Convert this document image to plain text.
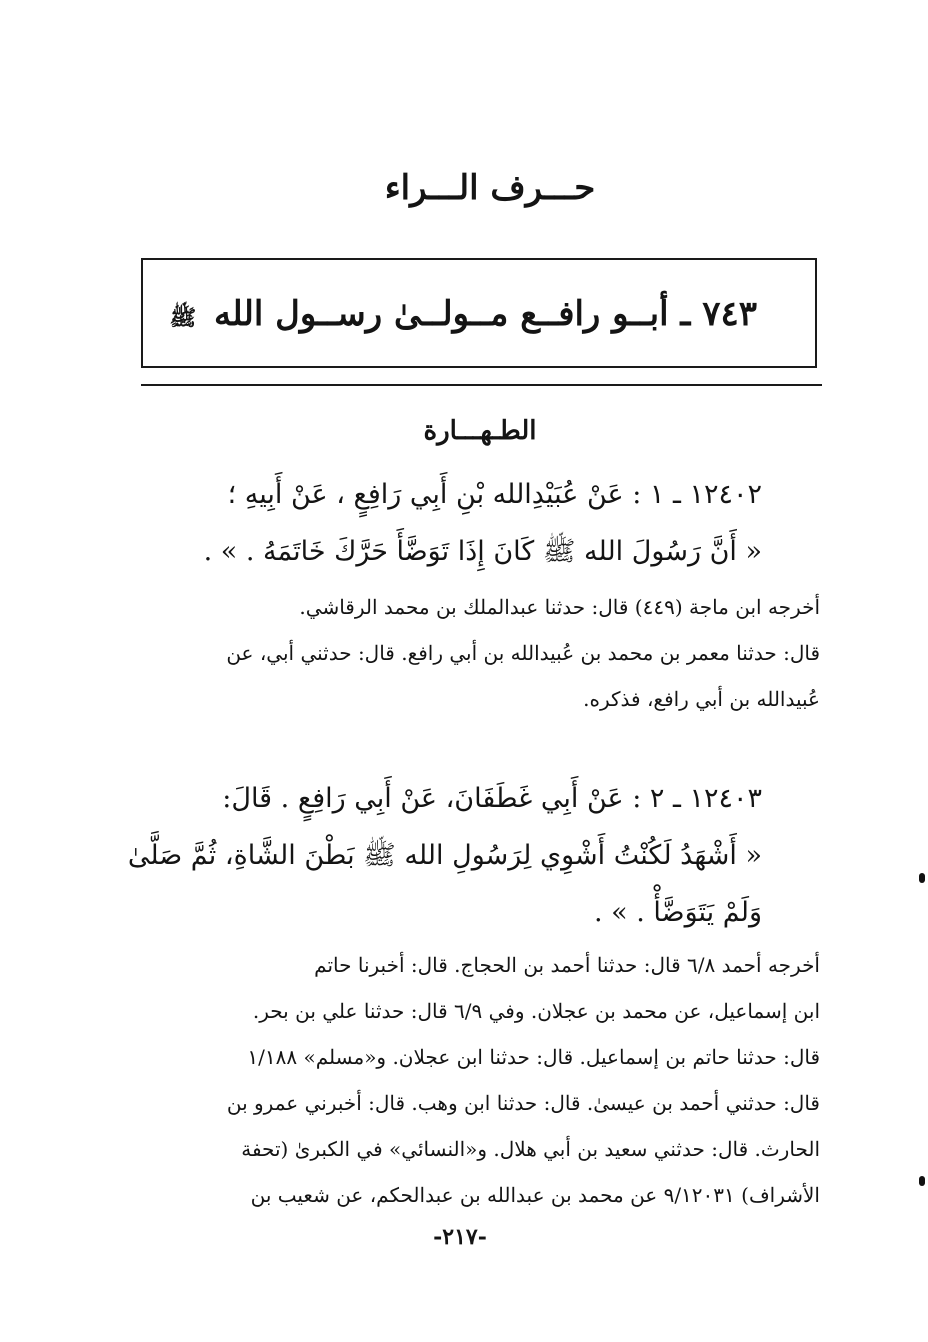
حـــرف الـــراء
٧٤٣ ـ أبــو رافــع مــولــىٰ رســول الله ﷺ
الطـهـــارة
١٢٤٠٢ ـ ١ : عَنْ عُبَيْدِالله بْنِ أَبِي رَافِعٍ ، عَنْ أَبِيهِ ؛
« أَنَّ رَسُولَ الله ﷺ كَانَ إِذَا تَوَضَّأَ حَرَّكَ خَاتَمَهُ . » .
أخرجه ابن ماجة (٤٤٩) قال: حدثنا عبدالملك بن محمد الرقاشي.
قال: حدثنا معمر بن محمد بن عُبيدالله بن أبي رافع. قال: حدثني أبي، عن
عُبيدالله بن أبي رافع، فذكره.
١٢٤٠٣ ـ ٢ : عَنْ أَبِي غَطَفَانَ، عَنْ أَبِي رَافِعٍ . قَالَ:
« أَشْهَدُ لَكُنْتُ أَشْوِي لِرَسُولِ الله ﷺ بَطْنَ الشَّاةِ، ثُمَّ صَلَّىٰ
وَلَمْ يَتَوَضَّأْ . » .
أخرجه أحمد ٦/٨ قال: حدثنا أحمد بن الحجاج. قال: أخبرنا حاتم
ابن إسماعيل، عن محمد بن عجلان. وفي ٦/٩ قال: حدثنا علي بن بحر.
قال: حدثنا حاتم بن إسماعيل. قال: حدثنا ابن عجلان. و«مسلم» ١/١٨٨
قال: حدثني أحمد بن عيسىٰ. قال: حدثنا ابن وهب. قال: أخبرني عمرو بن
الحارث. قال: حدثني سعيد بن أبي هلال. و«النسائي» في الكبرىٰ (تحفة
الأشراف) ٩/١٢٠٣١ عن محمد بن عبدالله بن عبدالحكم، عن شعيب بن
-٢١٧-
